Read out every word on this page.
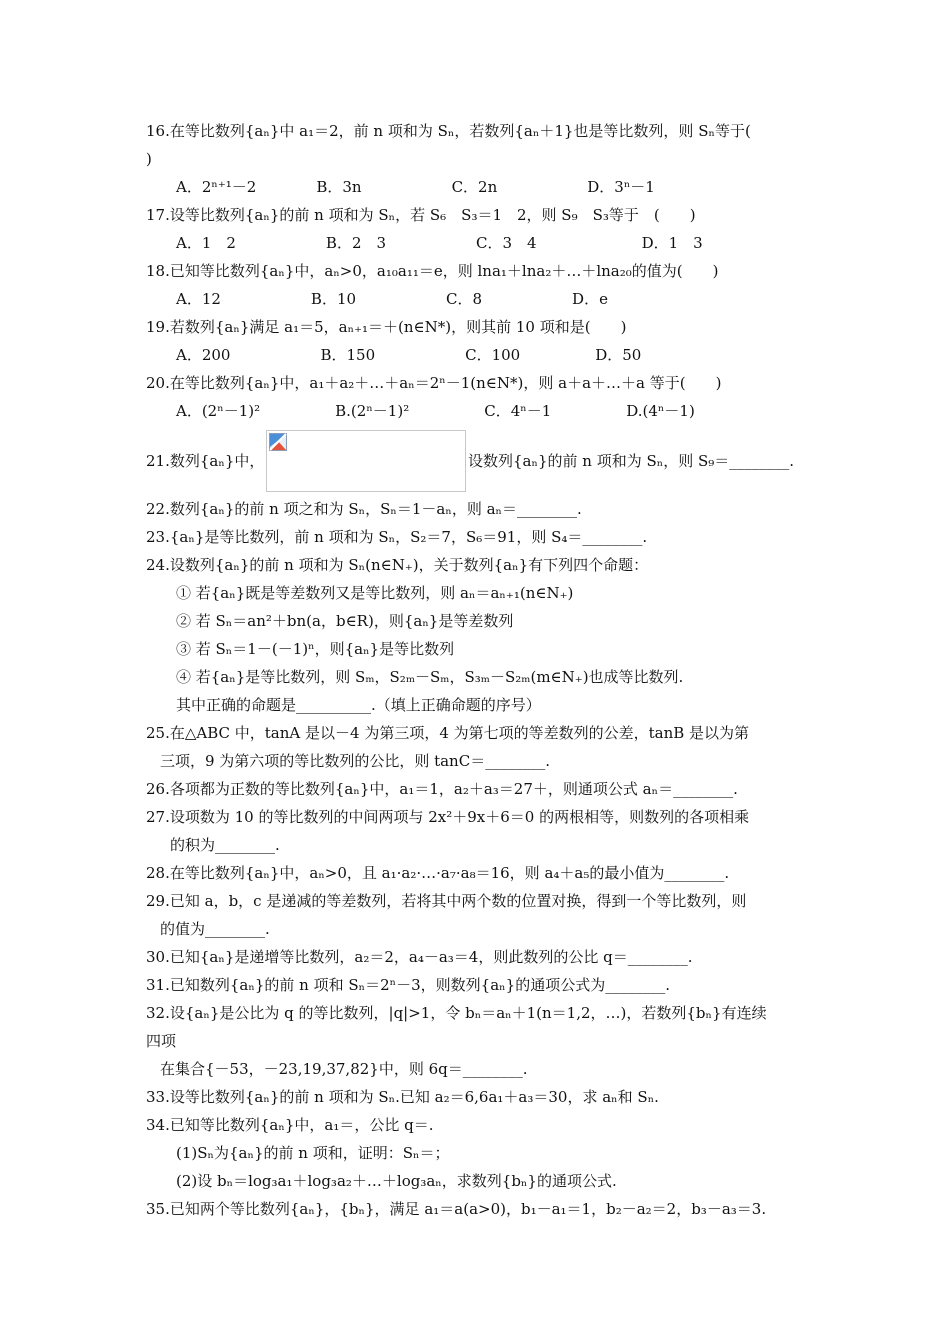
16.在等比数列{aₙ}中 a₁＝2，前 n 项和为 Sₙ，若数列{aₙ＋1}也是等比数列，则 Sₙ等于(
)
A．2ⁿ⁺¹－2　　　　B．3n　　　　　　C．2n　　　　　　D．3ⁿ－1
17.设等比数列{aₙ}的前 n 项和为 Sₙ，若 S₆　S₃＝1　2，则 S₉　S₃等于　(　　)
A．1　2　　　　　　B．2　3　　　　　　C．3　4　　　　　　　D．1　3
18.已知等比数列{aₙ}中，aₙ>0，a₁₀a₁₁＝e，则 lna₁＋lna₂＋…＋lna₂₀的值为(　　)
A．12　　　　　　B．10　　　　　　C．8　　　　　　D．e
19.若数列{aₙ}满足 a₁＝5，aₙ₊₁＝＋(n∈N*)，则其前 10 项和是(　　)
A．200　　　　　　B．150　　　　　　C．100　　　　　D．50
20.在等比数列{aₙ}中，a₁＋a₂＋…＋aₙ＝2ⁿ－1(n∈N*)，则 a＋a＋…＋a 等于(　　)
A．(2ⁿ－1)²　　　　　B.(2ⁿ－1)²　　　　　C．4ⁿ－1　　　　　D.(4ⁿ－1)
21.数列{aₙ}中，	设数列{aₙ}的前 n 项和为 Sₙ，则 S₉＝________.
22.数列{aₙ}的前 n 项之和为 Sₙ，Sₙ＝1－aₙ，则 aₙ＝________.
23.{aₙ}是等比数列，前 n 项和为 Sₙ，S₂＝7，S₆＝91，则 S₄＝________.
24.设数列{aₙ}的前 n 项和为 Sₙ(n∈N₊)，关于数列{aₙ}有下列四个命题：
① 若{aₙ}既是等差数列又是等比数列，则 aₙ＝aₙ₊₁(n∈N₊)
② 若 Sₙ＝an²＋bn(a，b∈R)，则{aₙ}是等差数列
③ 若 Sₙ＝1－(－1)ⁿ，则{aₙ}是等比数列
④ 若{aₙ}是等比数列，则 Sₘ，S₂ₘ－Sₘ，S₃ₘ－S₂ₘ(m∈N₊)也成等比数列.
其中正确的命题是__________.（填上正确命题的序号）
25.在△ABC 中，tanA 是以－4 为第三项，4 为第七项的等差数列的公差，tanB 是以为第
三项，9 为第六项的等比数列的公比，则 tanC＝________.
26.各项都为正数的等比数列{aₙ}中，a₁＝1，a₂＋a₃＝27＋，则通项公式 aₙ＝________.
27.设项数为 10 的等比数列的中间两项与 2x²＋9x＋6＝0 的两根相等，则数列的各项相乘
的积为________.
28.在等比数列{aₙ}中，aₙ>0，且 a₁·a₂·…·a₇·a₈＝16，则 a₄＋a₅的最小值为________.
29.已知 a，b，c 是递减的等差数列，若将其中两个数的位置对换，得到一个等比数列，则
的值为________.
30.已知{aₙ}是递增等比数列，a₂＝2，a₄－a₃＝4，则此数列的公比 q＝________.
31.已知数列{aₙ}的前 n 项和 Sₙ＝2ⁿ－3，则数列{aₙ}的通项公式为________.
32.设{aₙ}是公比为 q 的等比数列，|q|>1，令 bₙ＝aₙ＋1(n＝1,2，…)，若数列{bₙ}有连续
四项
在集合{－53，－23,19,37,82}中，则 6q＝________.
33.设等比数列{aₙ}的前 n 项和为 Sₙ.已知 a₂＝6,6a₁＋a₃＝30，求 aₙ和 Sₙ.
34.已知等比数列{aₙ}中，a₁＝，公比 q＝.
(1)Sₙ为{aₙ}的前 n 项和，证明：Sₙ＝；
(2)设 bₙ＝log₃a₁＋log₃a₂＋…＋log₃aₙ，求数列{bₙ}的通项公式.
35.已知两个等比数列{aₙ}，{bₙ}，满足 a₁＝a(a>0)，b₁－a₁＝1，b₂－a₂＝2，b₃－a₃＝3.
